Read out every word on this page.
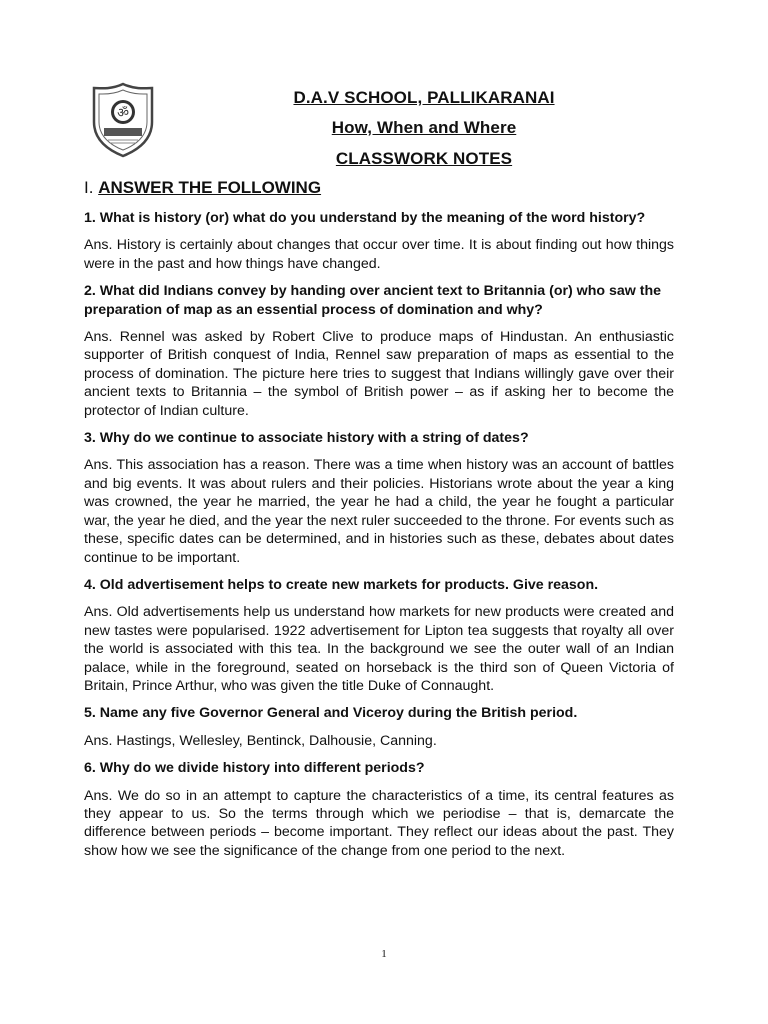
ॐ
D.A.V SCHOOL, PALLIKARANAI
How, When and Where
CLASSWORK NOTES
I. ANSWER THE FOLLOWING

1. What is history (or) what do you understand by the meaning of the word history?

Ans. History is certainly about changes that occur over time. It is about finding out how things were in the past and how things have changed.

2. What did Indians convey by handing over ancient text to Britannia (or) who saw the preparation of map as an essential process of domination and why?

Ans. Rennel was asked by Robert Clive to produce maps of Hindustan. An enthusiastic supporter of British conquest of India, Rennel saw preparation of maps as essential to the process of domination. The picture here tries to suggest that Indians willingly gave over their ancient texts to Britannia – the symbol of British power – as if asking her to become the protector of Indian culture.

3. Why do we continue to associate history with a string of dates?

Ans. This association has a reason. There was a time when history was an account of battles and big events. It was about rulers and their policies. Historians wrote about the year a king was crowned, the year he married, the year he had a child, the year he fought a particular war, the year he died, and the year the next ruler succeeded to the throne. For events such as these, specific dates can be determined, and in histories such as these, debates about dates continue to be important.

4. Old advertisement helps to create new markets for products. Give reason.

Ans. Old advertisements help us understand how markets for new products were created and new tastes were popularised. 1922 advertisement for Lipton tea suggests that royalty all over the world is associated with this tea. In the background we see the outer wall of an Indian palace, while in the foreground, seated on horseback is the third son of Queen Victoria of Britain, Prince Arthur, who was given the title Duke of Connaught.

5. Name any five Governor General and Viceroy during the British period.

Ans. Hastings, Wellesley, Bentinck, Dalhousie, Canning.

6. Why do we divide history into different periods?

Ans. We do so in an attempt to capture the characteristics of a time, its central features as they appear to us. So the terms through which we periodise – that is, demarcate the difference between periods – become important. They reflect our ideas about the past. They show how we see the significance of the change from one period to the next.

1
